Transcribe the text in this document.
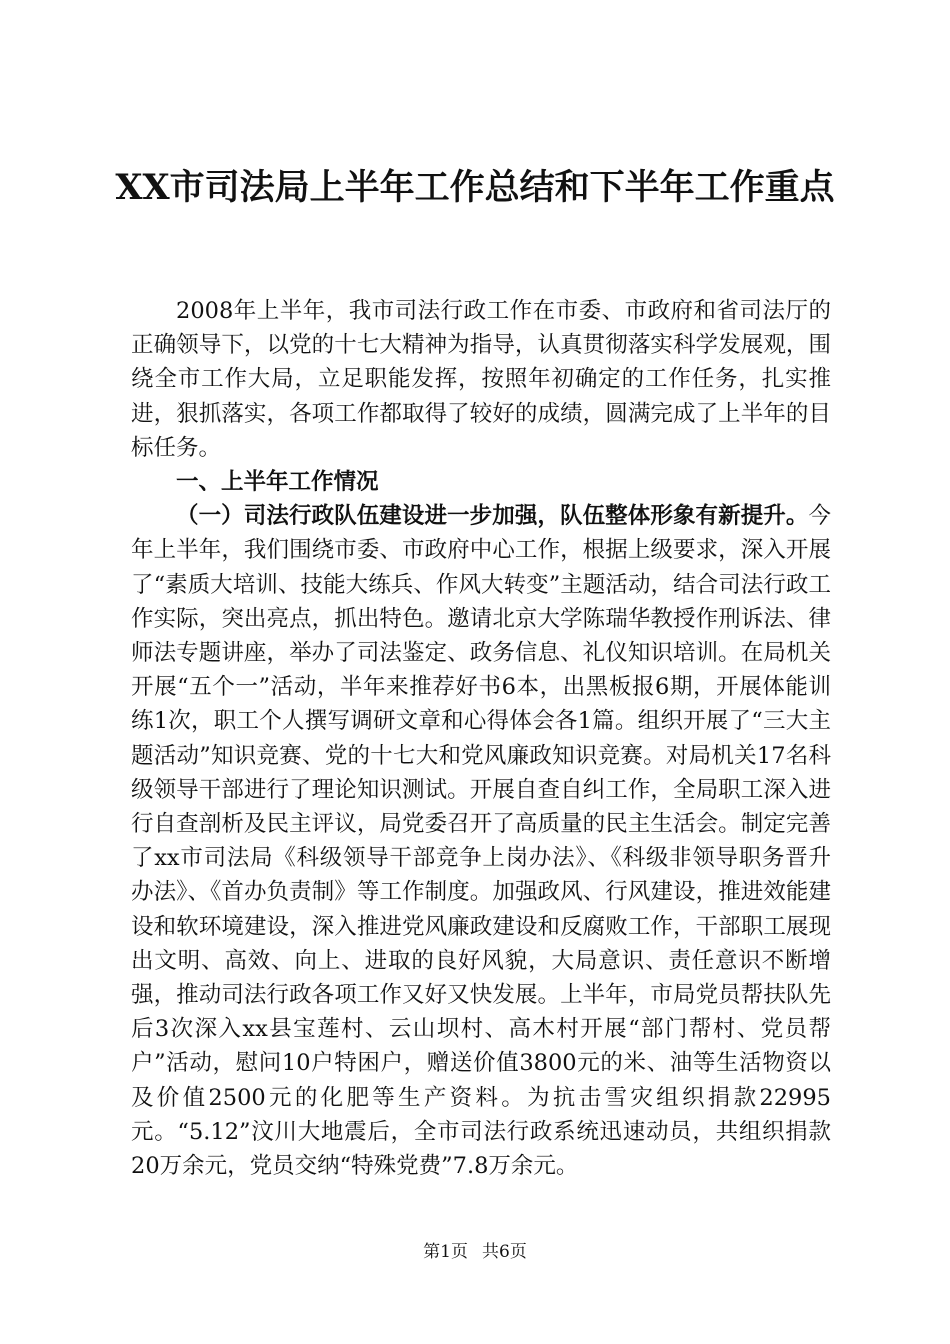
XX市司法局上半年工作总结和下半年工作重点

2008年上半年，我市司法行政工作在市委、市政府和省司法厅的正确领导下，以党的十七大精神为指导，认真贯彻落实科学发展观，围绕全市工作大局，立足职能发挥，按照年初确定的工作任务，扎实推进，狠抓落实，各项工作都取得了较好的成绩，圆满完成了上半年的目标任务。

一、上半年工作情况

（一）司法行政队伍建设进一步加强，队伍整体形象有新提升。今年上半年，我们围绕市委、市政府中心工作，根据上级要求，深入开展了“素质大培训、技能大练兵、作风大转变”主题活动，结合司法行政工作实际，突出亮点，抓出特色。邀请北京大学陈瑞华教授作刑诉法、律师法专题讲座，举办了司法鉴定、政务信息、礼仪知识培训。在局机关开展“五个一”活动，半年来推荐好书6本，出黑板报6期，开展体能训练1次，职工个人撰写调研文章和心得体会各1篇。组织开展了“三大主题活动”知识竞赛、党的十七大和党风廉政知识竞赛。对局机关17名科级领导干部进行了理论知识测试。开展自查自纠工作，全局职工深入进行自查剖析及民主评议，局党委召开了高质量的民主生活会。制定完善了xx市司法局《科级领导干部竞争上岗办法》、《科级非领导职务晋升办法》、《首办负责制》等工作制度。加强政风、行风建设，推进效能建设和软环境建设，深入推进党风廉政建设和反腐败工作，干部职工展现出文明、高效、向上、进取的良好风貌，大局意识、责任意识不断增强，推动司法行政各项工作又好又快发展。上半年，市局党员帮扶队先后3次深入xx县宝莲村、云山坝村、高木村开展“部门帮村、党员帮户”活动，慰问10户特困户，赠送价值3800元的米、油等生活物资以及价值2500元的化肥等生产资料。为抗击雪灾组织捐款22995元。“5.12”汶川大地震后，全市司法行政系统迅速动员，共组织捐款20万余元，党员交纳“特殊党费”7.8万余元。

第1页 共6页
